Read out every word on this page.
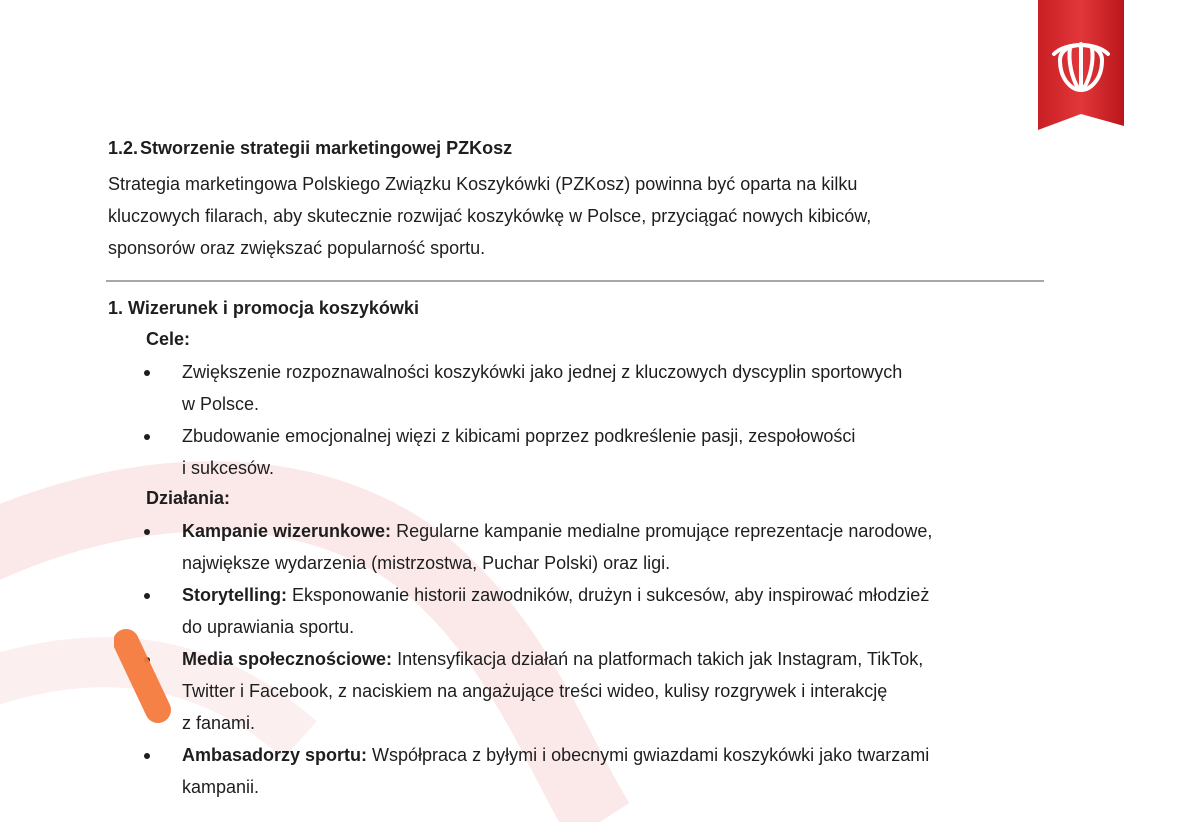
1.2. Stworzenie strategii marketingowej PZKosz
Strategia marketingowa Polskiego Związku Koszykówki (PZKosz) powinna być oparta na kilku
kluczowych filarach, aby skutecznie rozwijać koszykówkę w Polsce, przyciągać nowych kibiców,
sponsorów oraz zwiększać popularność sportu.
1. Wizerunek i promocja koszykówki
Cele:
Zwiększenie rozpoznawalności koszykówki jako jednej z kluczowych dyscyplin sportowych
w Polsce.
Zbudowanie emocjonalnej więzi z kibicami poprzez podkreślenie pasji, zespołowości
i sukcesów.
Działania:
Kampanie wizerunkowe: Regularne kampanie medialne promujące reprezentacje narodowe,
największe wydarzenia (mistrzostwa, Puchar Polski) oraz ligi.
Storytelling: Eksponowanie historii zawodników, drużyn i sukcesów, aby inspirować młodzież
do uprawiania sportu.
Media społecznościowe: Intensyfikacja działań na platformach takich jak Instagram, TikTok,
Twitter i Facebook, z naciskiem na angażujące treści wideo, kulisy rozgrywek i interakcję
z fanami.
Ambasadorzy sportu: Współpraca z byłymi i obecnymi gwiazdami koszykówki jako twarzami
kampanii.
